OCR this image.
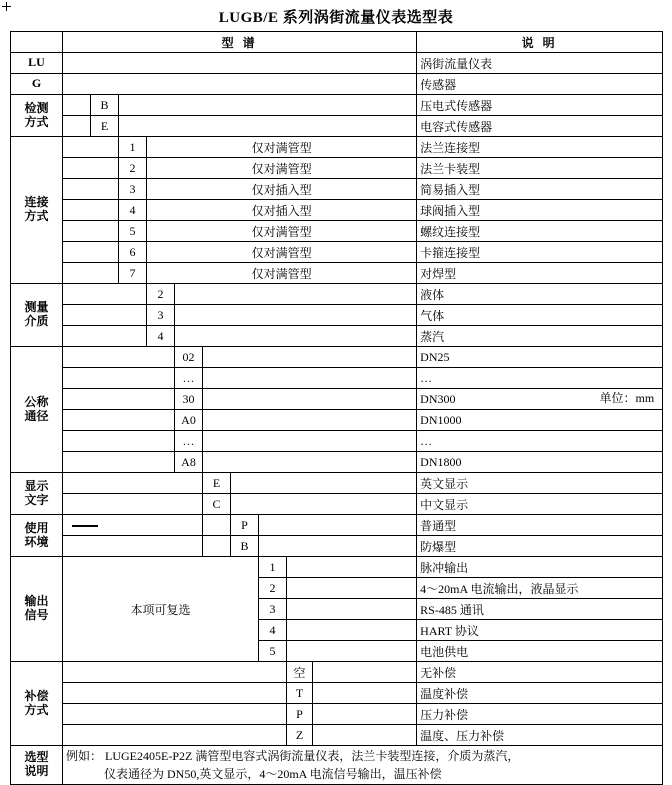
LUGB/E 系列涡街流量仪表选型表
	型 谱										说 明
LU											涡街流量仪表
G											传感器
检测
方式		B									压电式传感器
		E									电容式传感器
连接
方式			1	仅对满管型							法兰连接型
			2	仅对满管型							法兰卡装型
			3	仅对插入型							简易插入型
			4	仅对插入型							球阀插入型
			5	仅对满管型							螺纹连接型
			6	仅对满管型							卡箍连接型
			7	仅对满管型							对焊型
测量
介质				2							液体
				3							气体
				4							蒸汽
公称
通径					02						DN25
					…						…
					30						DN300 单位：mm

					A0						DN1000
					…						…
					A8						DN1800
显示
文字						E					英文显示
						C					中文显示
使用
环境							P				普通型
							B				防爆型
输出
信号	本项可复选							1			脉冲输出
								2			4～20mA 电流输出，液晶显示
								3			RS-485 通讯
								4			HART 协议
								5			电池供电
补偿
方式									空		无补偿
									T		温度补偿
									P		压力补偿
									Z		温度、压力补偿
选型
说明	
例如： LUGE2405E-P2Z 满管型电容式涡街流量仪表，法兰卡装型连接，介质为蒸汽，
仪表通径为 DN50,英文显示，4～20mA 电流信号输出，温压补偿
